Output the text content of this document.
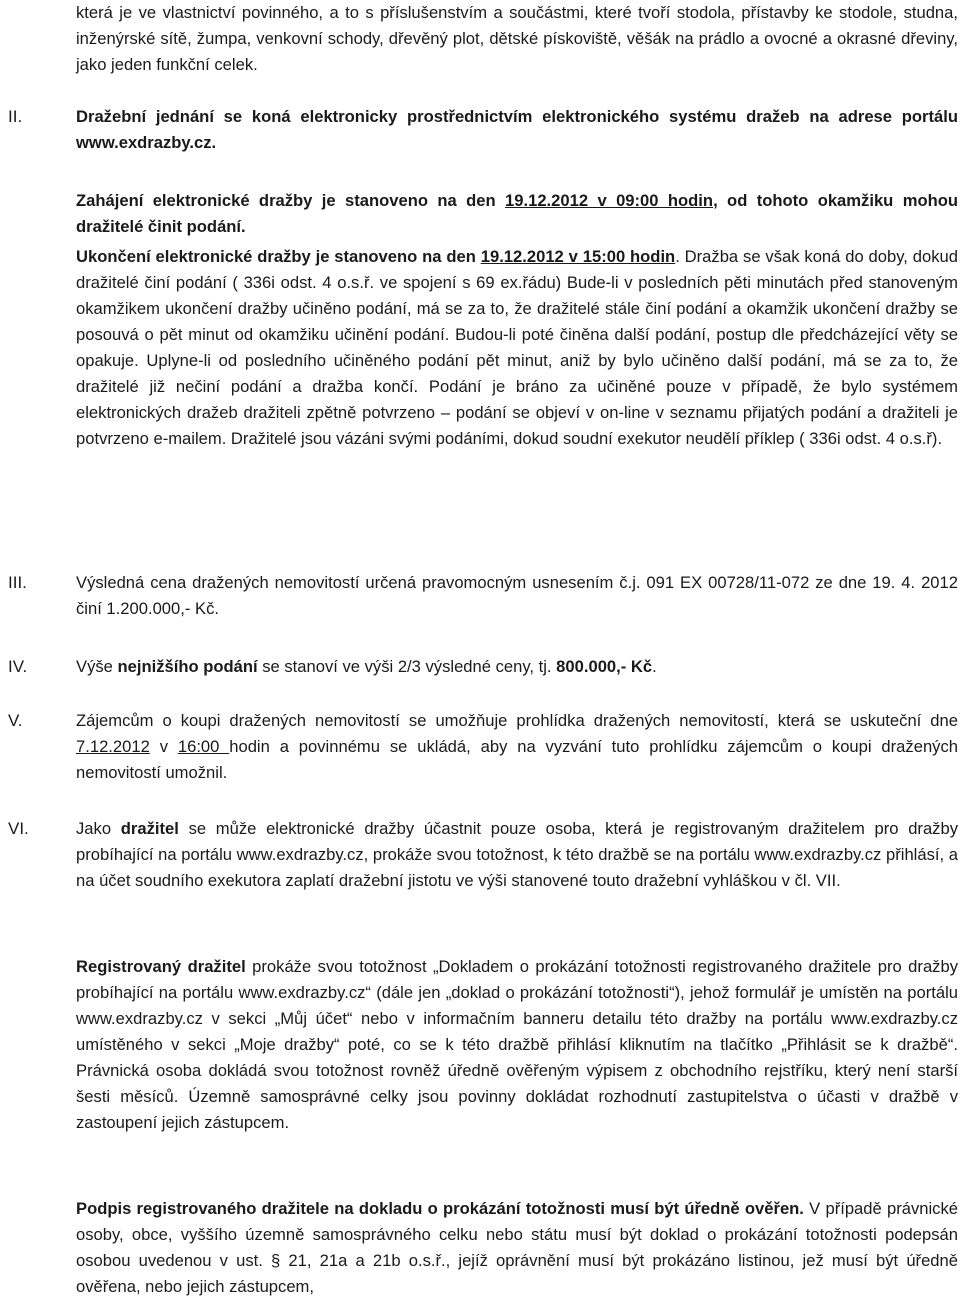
která je ve vlastnictví povinného, a to s příslušenstvím a součástmi, které tvoří stodola, přístavby ke stodole, studna, inženýrské sítě, žumpa, venkovní schody, dřevěný plot, dětské pískoviště, věšák na prádlo a ovocné a okrasné dřeviny, jako jeden funkční celek.
II.	Dražební jednání se koná elektronicky prostřednictvím elektronického systému dražeb na adrese portálu www.exdrazby.cz.
Zahájení elektronické dražby je stanoveno na den 19.12.2012 v 09:00 hodin, od tohoto okamžiku mohou dražitelé činit podání.
Ukončení elektronické dražby je stanoveno na den 19.12.2012 v 15:00 hodin. Dražba se však koná do doby, dokud dražitelé činí podání ( 336i odst. 4 o.s.ř. ve spojení s 69 ex.řádu) Bude-li v posledních pěti minutách před stanoveným okamžikem ukončení dražby učiněno podání, má se za to, že dražitelé stále činí podání a okamžik ukončení dražby se posouvá o pět minut od okamžiku učinění podání. Budou-li poté činěna další podání, postup dle předcházející věty se opakuje. Uplyne-li od posledního učiněného podání pět minut, aniž by bylo učiněno další podání, má se za to, že dražitelé již nečiní podání a dražba končí. Podání je bráno za učiněné pouze v případě, že bylo systémem elektronických dražeb dražiteli zpětně potvrzeno – podání se objeví v on-line v seznamu přijatých podání a dražiteli je potvrzeno e-mailem. Dražitelé jsou vázáni svými podáními, dokud soudní exekutor neudělí příklep ( 336i odst. 4 o.s.ř).
III.	Výsledná cena dražených nemovitostí určená pravomocným usnesením č.j. 091 EX 00728/11-072 ze dne 19. 4. 2012 činí 1.200.000,- Kč.
IV.	Výše nejnižšího podání se stanoví ve výši 2/3 výsledné ceny, tj. 800.000,- Kč.
V.	Zájemcům o koupi dražených nemovitostí se umožňuje prohlídka dražených nemovitostí, která se uskuteční dne 7.12.2012 v 16:00 hodin a povinnému se ukládá, aby na vyzvání tuto prohlídku zájemcům o koupi dražených nemovitostí umožnil.
VI.	Jako dražitel se může elektronické dražby účastnit pouze osoba, která je registrovaným dražitelem pro dražby probíhající na portálu www.exdrazby.cz, prokáže svou totožnost, k této dražbě se na portálu www.exdrazby.cz přihlásí, a na účet soudního exekutora zaplatí dražební jistotu ve výši stanovené touto dražební vyhláškou v čl. VII.
Registrovaný dražitel prokáže svou totožnost „Dokladem o prokázání totožnosti registrovaného dražitele pro dražby probíhající na portálu www.exdrazby.cz“ (dále jen „doklad o prokázání totožnosti“), jehož formulář je umístěn na portálu www.exdrazby.cz v sekci „Můj účet“ nebo v informačním banneru detailu této dražby na portálu www.exdrazby.cz umístěného v sekci „Moje dražby“ poté, co se k této dražbě přihlásí kliknutím na tlačítko „Přihlásit se k dražbě“. Právnická osoba dokládá svou totožnost rovněž úředně ověřeným výpisem z obchodního rejstříku, který není starší šesti měsíců. Územně samosprávné celky jsou povinny dokládat rozhodnutí zastupitelstva o účasti v dražbě v zastoupení jejich zástupcem.
Podpis registrovaného dražitele na dokladu o prokázání totožnosti musí být úředně ověřen. V případě právnické osoby, obce, vyššího územně samosprávného celku nebo státu musí být doklad o prokázání totožnosti podepsán osobou uvedenou v ust. § 21, 21a a 21b o.s.ř., jejíž oprávnění musí být prokázáno listinou, jež musí být úředně ověřena, nebo jejich zástupcem,
